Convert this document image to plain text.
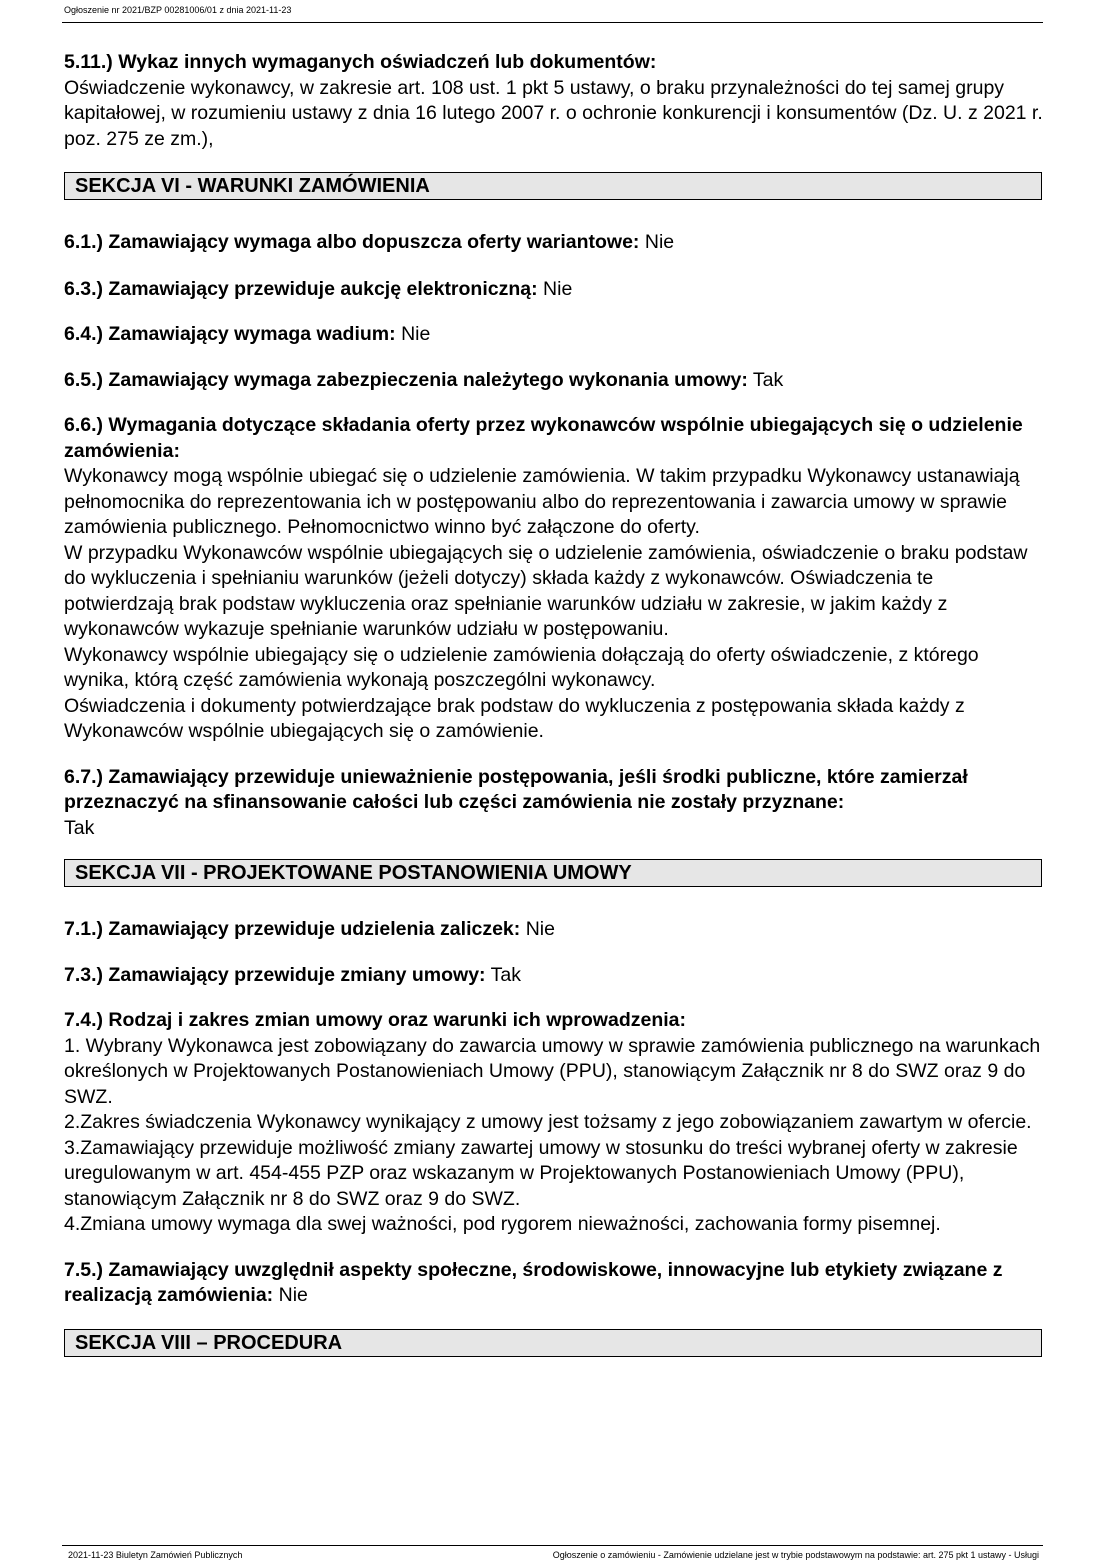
Ogłoszenie nr 2021/BZP 00281006/01 z dnia 2021-11-23
5.11.) Wykaz innych wymaganych oświadczeń lub dokumentów:
Oświadczenie wykonawcy, w zakresie art. 108 ust. 1 pkt 5 ustawy, o braku przynależności do tej samej grupy kapitałowej, w rozumieniu ustawy z dnia 16 lutego 2007 r. o ochronie konkurencji i konsumentów (Dz. U. z 2021 r. poz. 275 ze zm.),
SEKCJA VI - WARUNKI ZAMÓWIENIA
6.1.) Zamawiający wymaga albo dopuszcza oferty wariantowe: Nie
6.3.) Zamawiający przewiduje aukcję elektroniczną: Nie
6.4.) Zamawiający wymaga wadium: Nie
6.5.) Zamawiający wymaga zabezpieczenia należytego wykonania umowy: Tak
6.6.) Wymagania dotyczące składania oferty przez wykonawców wspólnie ubiegających się o udzielenie zamówienia:
Wykonawcy mogą wspólnie ubiegać się o udzielenie zamówienia. W takim przypadku Wykonawcy ustanawiają pełnomocnika do reprezentowania ich w postępowaniu albo do reprezentowania i zawarcia umowy w sprawie zamówienia publicznego. Pełnomocnictwo winno być załączone do oferty.
W przypadku Wykonawców wspólnie ubiegających się o udzielenie zamówienia, oświadczenie o braku podstaw do wykluczenia i spełnianiu warunków (jeżeli dotyczy) składa każdy z wykonawców. Oświadczenia te potwierdzają brak podstaw wykluczenia oraz spełnianie warunków udziału w zakresie, w jakim każdy z wykonawców wykazuje spełnianie warunków udziału w postępowaniu.
Wykonawcy wspólnie ubiegający się o udzielenie zamówienia dołączają do oferty oświadczenie, z którego wynika, którą część zamówienia wykonają poszczególni wykonawcy.
Oświadczenia i dokumenty potwierdzające brak podstaw do wykluczenia z postępowania składa każdy z Wykonawców wspólnie ubiegających się o zamówienie.
6.7.) Zamawiający przewiduje unieważnienie postępowania, jeśli środki publiczne, które zamierzał przeznaczyć na sfinansowanie całości lub części zamówienia nie zostały przyznane:
Tak
SEKCJA VII - PROJEKTOWANE POSTANOWIENIA UMOWY
7.1.) Zamawiający przewiduje udzielenia zaliczek: Nie
7.3.) Zamawiający przewiduje zmiany umowy: Tak
7.4.) Rodzaj i zakres zmian umowy oraz warunki ich wprowadzenia:
1. Wybrany Wykonawca jest zobowiązany do zawarcia umowy w sprawie zamówienia publicznego na warunkach określonych w Projektowanych Postanowieniach Umowy (PPU), stanowiącym Załącznik nr 8 do SWZ oraz 9 do SWZ.
2.Zakres świadczenia Wykonawcy wynikający z umowy jest tożsamy z jego zobowiązaniem zawartym w ofercie.
3.Zamawiający przewiduje możliwość zmiany zawartej umowy w stosunku do treści wybranej oferty w zakresie uregulowanym w art. 454-455 PZP oraz wskazanym w Projektowanych Postanowieniach Umowy (PPU), stanowiącym Załącznik nr 8 do SWZ oraz 9 do SWZ.
4.Zmiana umowy wymaga dla swej ważności, pod rygorem nieważności, zachowania formy pisemnej.
7.5.) Zamawiający uwzględnił aspekty społeczne, środowiskowe, innowacyjne lub etykiety związane z realizacją zamówienia: Nie
SEKCJA VIII – PROCEDURA
2021-11-23 Biuletyn Zamówień Publicznych	Ogłoszenie o zamówieniu - Zamówienie udzielane jest w trybie podstawowym na podstawie: art. 275 pkt 1 ustawy - Usługi
